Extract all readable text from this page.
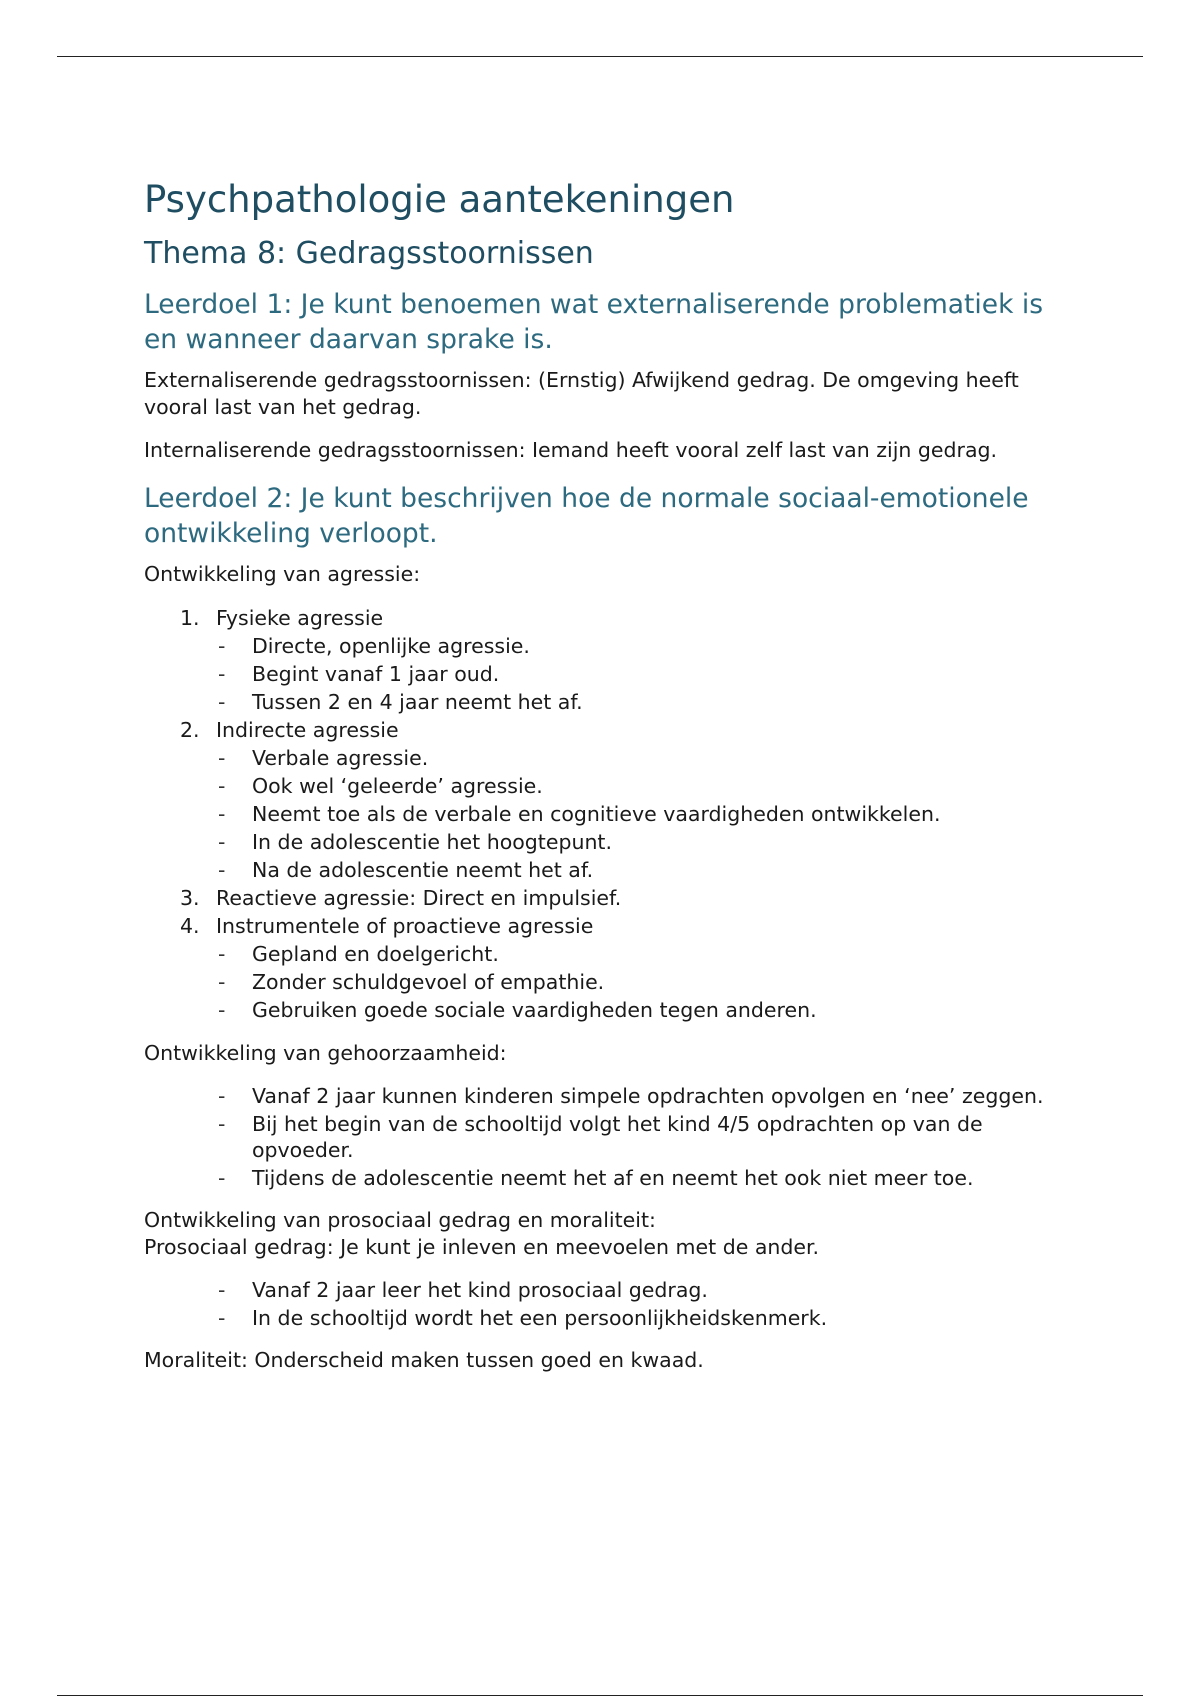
Psychpathologie aantekeningen
Thema 8: Gedragsstoornissen
Leerdoel 1: Je kunt benoemen wat externaliserende problematiek is en wanneer daarvan sprake is.

Externaliserende gedragsstoornissen: (Ernstig) Afwijkend gedrag. De omgeving heeft vooral last van het gedrag.

Internaliserende gedragsstoornissen: Iemand heeft vooral zelf last van zijn gedrag.

Leerdoel 2: Je kunt beschrijven hoe de normale sociaal-emotionele ontwikkeling verloopt.

Ontwikkeling van agressie:

1. Fysieke agressie
- Directe, openlijke agressie.
- Begint vanaf 1 jaar oud.
- Tussen 2 en 4 jaar neemt het af.
2. Indirecte agressie
- Verbale agressie.
- Ook wel ‘geleerde’ agressie.
- Neemt toe als de verbale en cognitieve vaardigheden ontwikkelen.
- In de adolescentie het hoogtepunt.
- Na de adolescentie neemt het af.
3. Reactieve agressie: Direct en impulsief.
4. Instrumentele of proactieve agressie
- Gepland en doelgericht.
- Zonder schuldgevoel of empathie.
- Gebruiken goede sociale vaardigheden tegen anderen.

Ontwikkeling van gehoorzaamheid:

- Vanaf 2 jaar kunnen kinderen simpele opdrachten opvolgen en ‘nee’ zeggen.
- Bij het begin van de schooltijd volgt het kind 4/5 opdrachten op van de opvoeder.
- Tijdens de adolescentie neemt het af en neemt het ook niet meer toe.

Ontwikkeling van prosociaal gedrag en moraliteit:

Prosociaal gedrag: Je kunt je inleven en meevoelen met de ander.

- Vanaf 2 jaar leer het kind prosociaal gedrag.
- In de schooltijd wordt het een persoonlijkheidskenmerk.

Moraliteit: Onderscheid maken tussen goed en kwaad.
